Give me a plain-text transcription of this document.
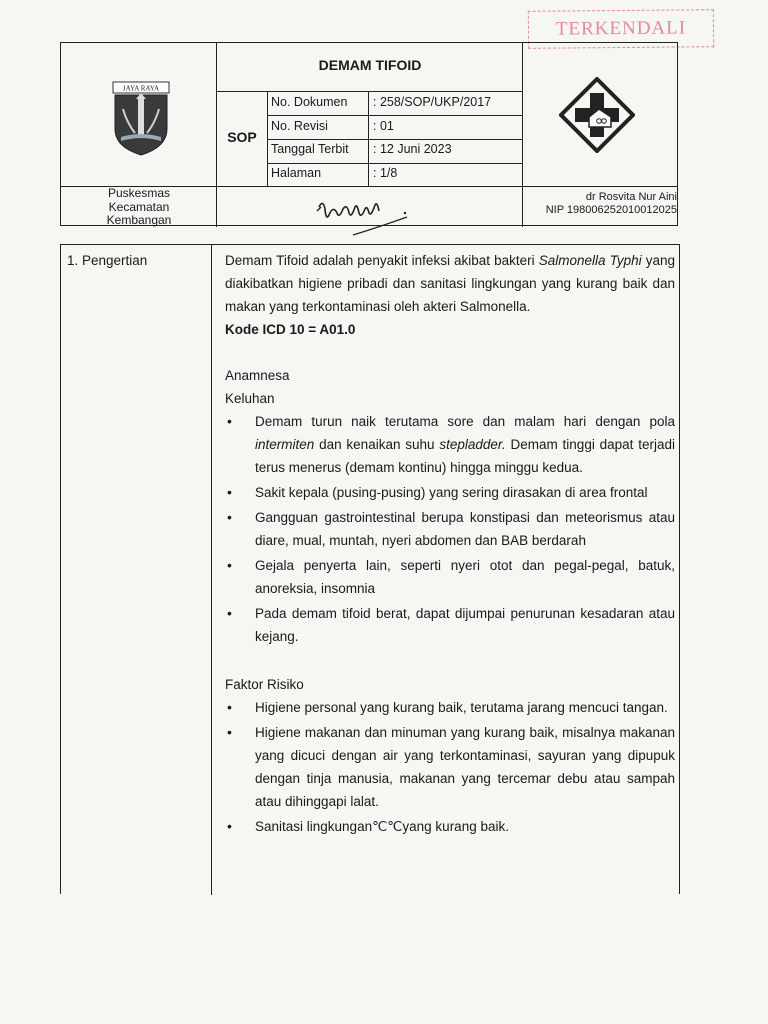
TERKENDALI
JAYA RAYA
DEMAM TIFOID
SOP
No. Dokumen : 258/SOP/UKP/2017
No. Revisi	: 01
Tanggal Terbit : 12 Juni 2023
Halaman	: 1/8
Puskesmas
Kecamatan
Kembangan
dr Rosvita Nur Aini
NIP 198006252010012025
1. Pengertian	Demam Tifoid adalah penyakit infeksi akibat bakteri Salmonella Typhi yang diakibatkan higiene pribadi dan sanitasi lingkungan yang kurang baik dan makan yang terkontaminasi oleh akteri Salmonella.

Kode ICD 10 = A01.0

Anamnesa

Keluhan

• Demam turun naik terutama sore dan malam hari dengan pola intermiten dan kenaikan suhu stepladder. Demam tinggi dapat terjadi terus menerus (demam kontinu) hingga minggu kedua.
• Sakit kepala (pusing-pusing) yang sering dirasakan di area frontal
• Gangguan gastrointestinal berupa konstipasi dan meteorismus atau diare, mual, muntah, nyeri abdomen dan BAB berdarah
• Gejala penyerta lain, seperti nyeri otot dan pegal-pegal, batuk, anoreksia, insomnia
• Pada demam tifoid berat, dapat dijumpai penurunan kesadaran atau kejang.

Faktor Risiko

• Higiene personal yang kurang baik, terutama jarang mencuci tangan.
• Higiene makanan dan minuman yang kurang baik, misalnya makanan yang dicuci dengan air yang terkontaminasi, sayuran yang dipupuk dengan tinja manusia, makanan yang tercemar debu atau sampah atau dihinggapi lalat.
• Sanitasi lingkungan℃℃yang kurang baik.
